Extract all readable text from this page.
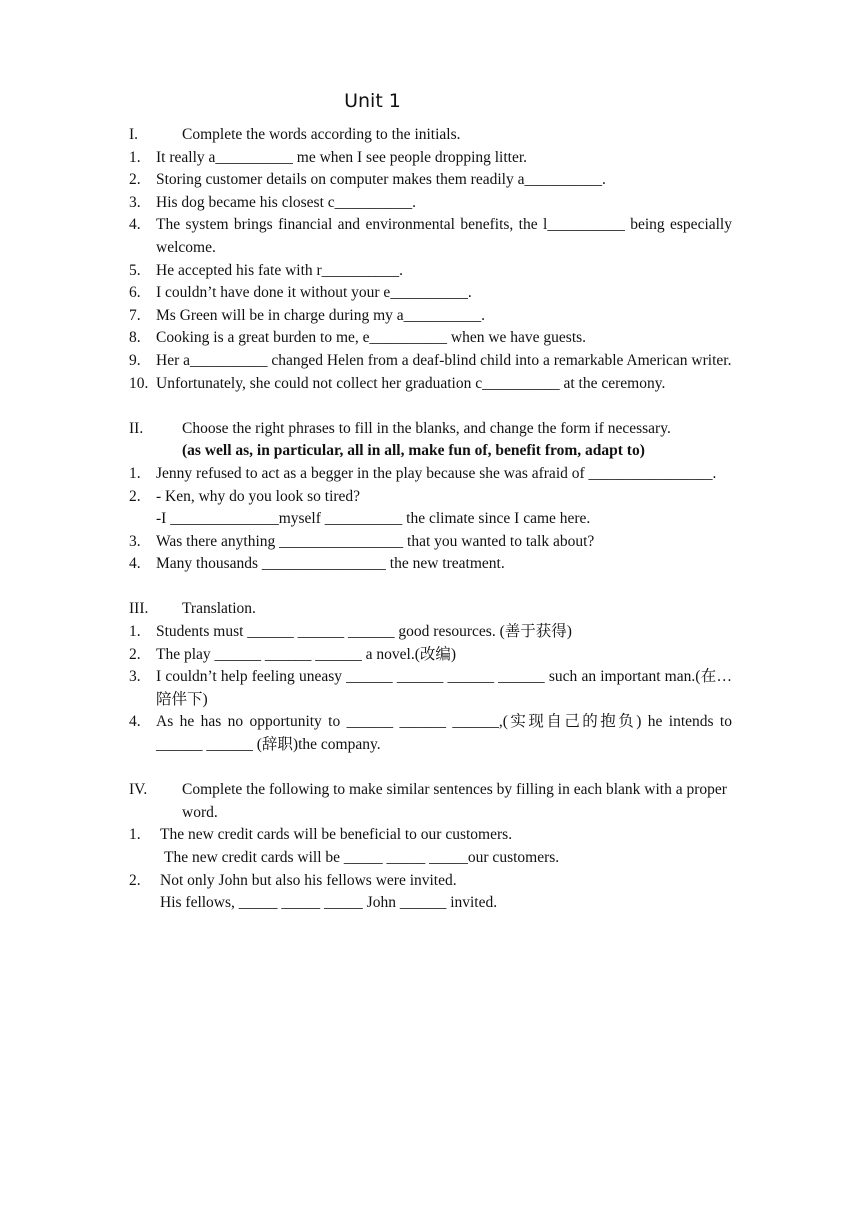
Unit 1
I.	Complete the words according to the initials.
1. It really a__________ me when I see people dropping litter.
2. Storing customer details on computer makes them readily a__________.
3. His dog became his closest c__________.
4. The system brings financial and environmental benefits, the l__________ being especially welcome.
5. He accepted his fate with r__________.
6. I couldn’t have done it without your e__________.
7. Ms Green will be in charge during my a__________.
8. Cooking is a great burden to me, e__________ when we have guests.
9. Her a__________ changed Helen from a deaf-blind child into a remarkable American writer.
10. Unfortunately, she could not collect her graduation c__________ at the ceremony.
II.	Choose the right phrases to fill in the blanks, and change the form if necessary.
(as well as, in particular, all in all, make fun of, benefit from, adapt to)
1. Jenny refused to act as a begger in the play because she was afraid of ________________.
2. - Ken, why do you look so tired?
-I ______________myself __________ the climate since I came here.
3. Was there anything ________________ that you wanted to talk about?
4. Many thousands ________________ the new treatment.
III. Translation.
1. Students must ______ ______ ______ good resources. (善于获得)
2. The play ______ ______ ______ a novel.(改编)
3. I couldn’t help feeling uneasy ______ ______ ______ ______ such an important man.(在…陪伴下)
4. As he has no opportunity to ______ ______ ______,(实现自己的抱负) he intends to ______ ______ (辞职)the company.
IV. Complete the following to make similar sentences by filling in each blank with a proper word.
1. The new credit cards will be beneficial to our customers.
The new credit cards will be _____ _____ _____our customers.
2. Not only John but also his fellows were invited.
His fellows, _____ _____ _____ John ______ invited.
